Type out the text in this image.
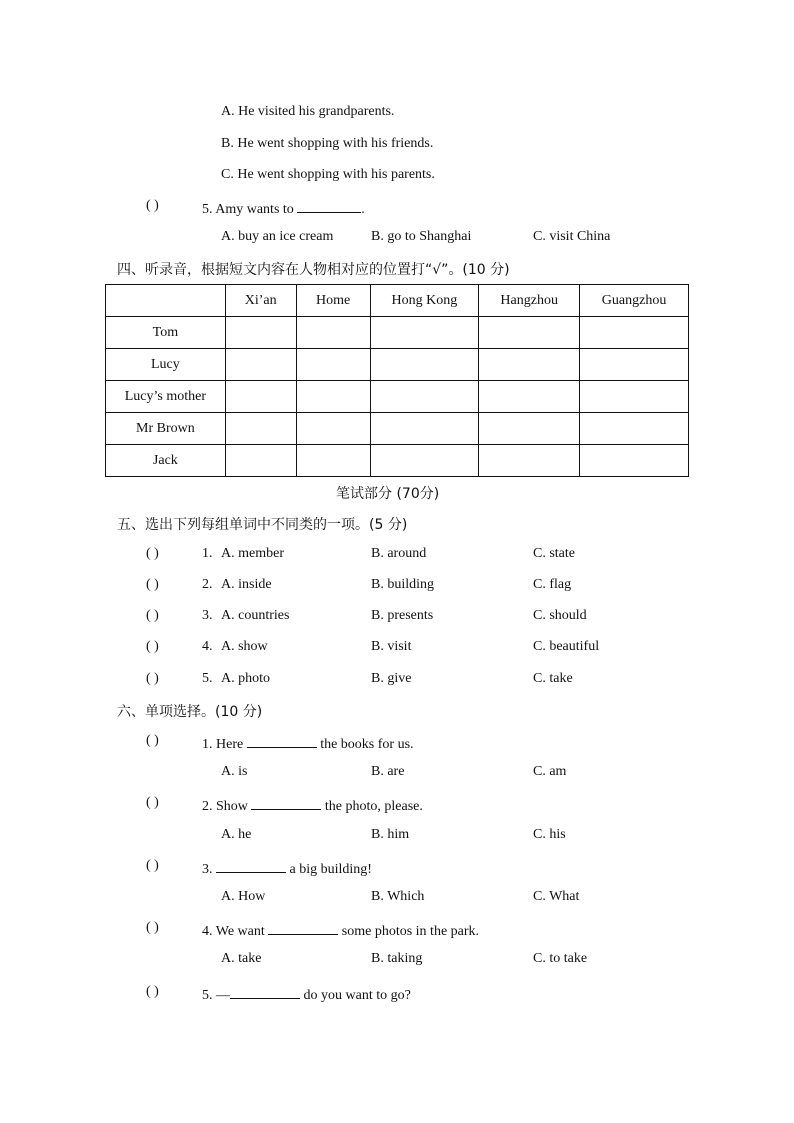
A. He visited his grandparents.
B. He went shopping with his friends.
C. He went shopping with his parents.
( )	5. Amy wants to	.
A. buy an ice cream	B. go to Shanghai	C. visit China
四、听录音，根据短文内容在人物相对应的位置打“√”。(10 分)
	Xi’an	Home	Hong Kong	Hangzhou	Guangzhou
Tom					
Lucy					
Lucy’s mother					
Mr Brown					
Jack					
笔试部分 (70分)
五、选出下列每组单词中不同类的一项。(5 分)
( )	1. A. member	B. around	C. state
( )	2. A. inside	B. building	C. flag
( )	3. A. countries	B. presents	C. should
( )	4. A. show	B. visit	C. beautiful
( )	5. A. photo	B. give	C. take
六、单项选择。(10 分)
( )	1. Here	the books for us.
A. is	B. are	C. am
( )	2. Show	the photo, please.
A. he	B. him	C. his
( )	3.	a big building!
A. How	B. Which	C. What
( )	4. We want	some photos in the park.
A. take	B. taking	C. to take
( )	5. —	do you want to go?
